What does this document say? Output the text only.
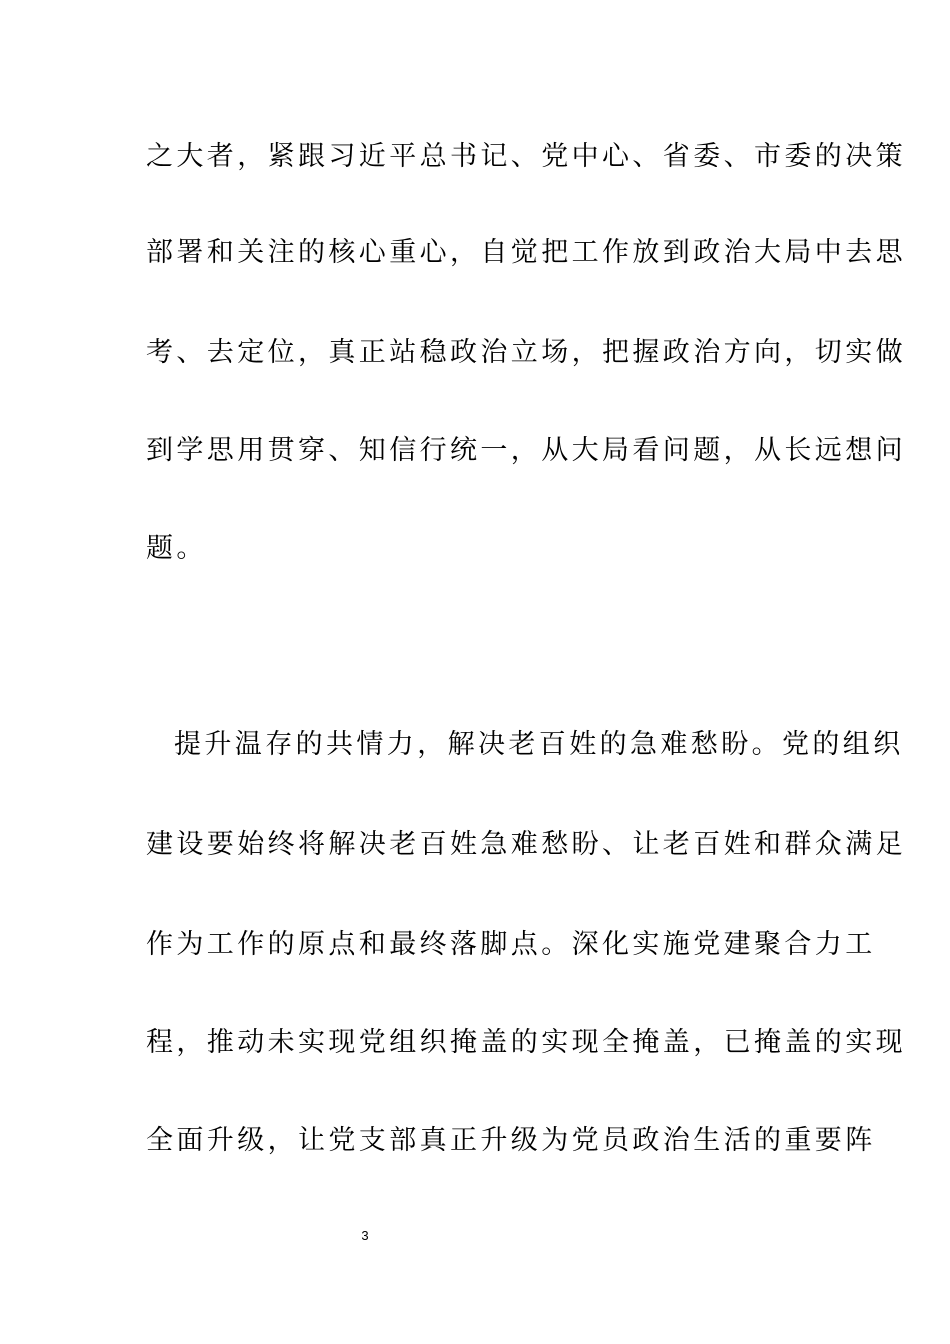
之大者，紧跟习近平总书记、党中心、省委、市委的决策
部署和关注的核心重心，自觉把工作放到政治大局中去思
考、去定位，真正站稳政治立场，把握政治方向，切实做
到学思用贯穿、知信行统一，从大局看问题，从长远想问
题。
提升温存的共情力，解决老百姓的急难愁盼。党的组织
建设要始终将解决老百姓急难愁盼、让老百姓和群众满足
作为工作的原点和最终落脚点。深化实施党建聚合力工
程，推动未实现党组织掩盖的实现全掩盖，已掩盖的实现
全面升级，让党支部真正升级为党员政治生活的重要阵
3
